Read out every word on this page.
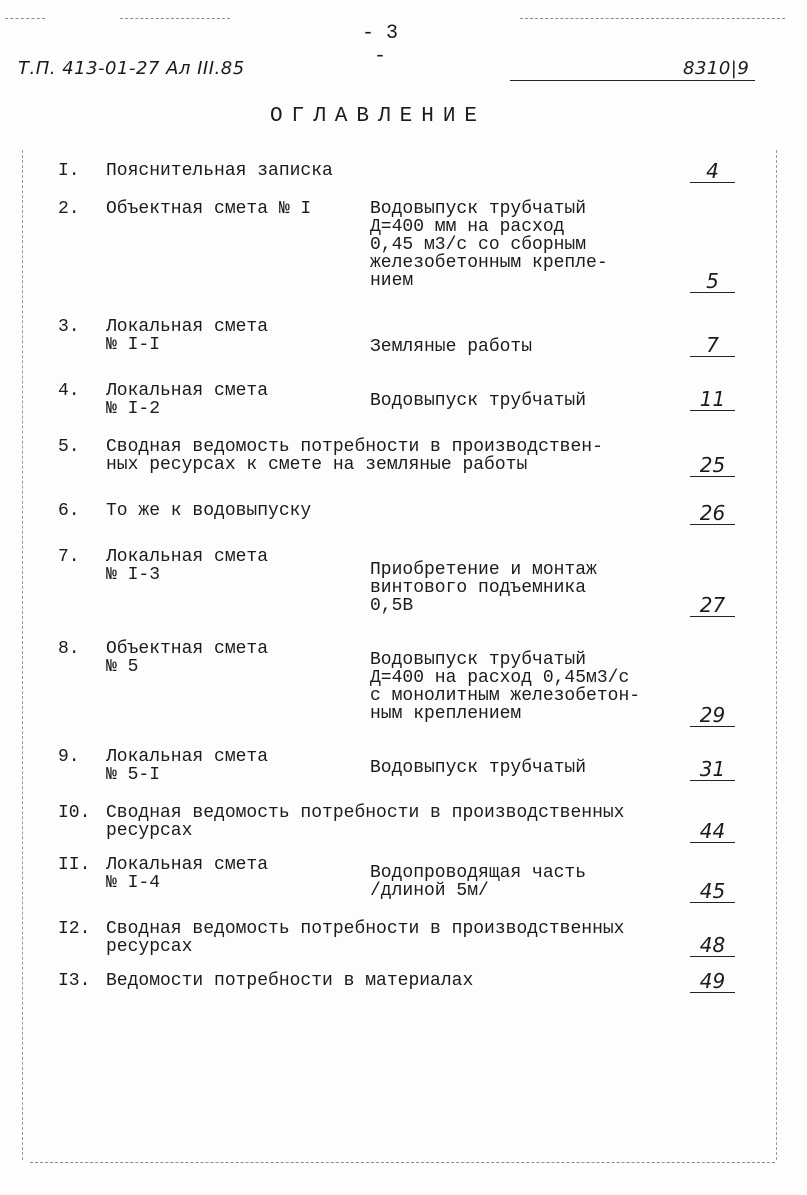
- 3 -
Т.П. 413-01-27 Ал III.85	8310|9
ОГЛАВЛЕНИЕ
I.	Пояснительная записка	4
2.	Объектная смета № I	Водовыпуск трубчатый
Д=400 мм на расход
0,45 м3/с со сборным
железобетонным крепле-
нием	5
3.	Локальная смета
№ I-I	Земляные работы	7
4.	Локальная смета
№ I-2	Водовыпуск трубчатый	11
5.	Сводная ведомость потребности в производствен-
ных ресурсах к смете на земляные работы	25
6.	То же к водовыпуску	26
7.	Локальная смета
№ I-3	Приобретение и монтаж
винтового подъемника
0,5В	27
8.	Объектная смета
№ 5	Водовыпуск трубчатый
Д=400 на расход 0,45м3/с
с монолитным железобетон-
ным креплением	29
9.	Локальная смета
№ 5-I	Водовыпуск трубчатый	31
I0. Сводная ведомость потребности в производственных
ресурсах	44
II. Локальная смета
№ I-4	Водопроводящая часть
/длиной 5м/	45
I2. Сводная ведомость потребности в производственных
ресурсах	48
I3. Ведомости потребности в материалах	49
